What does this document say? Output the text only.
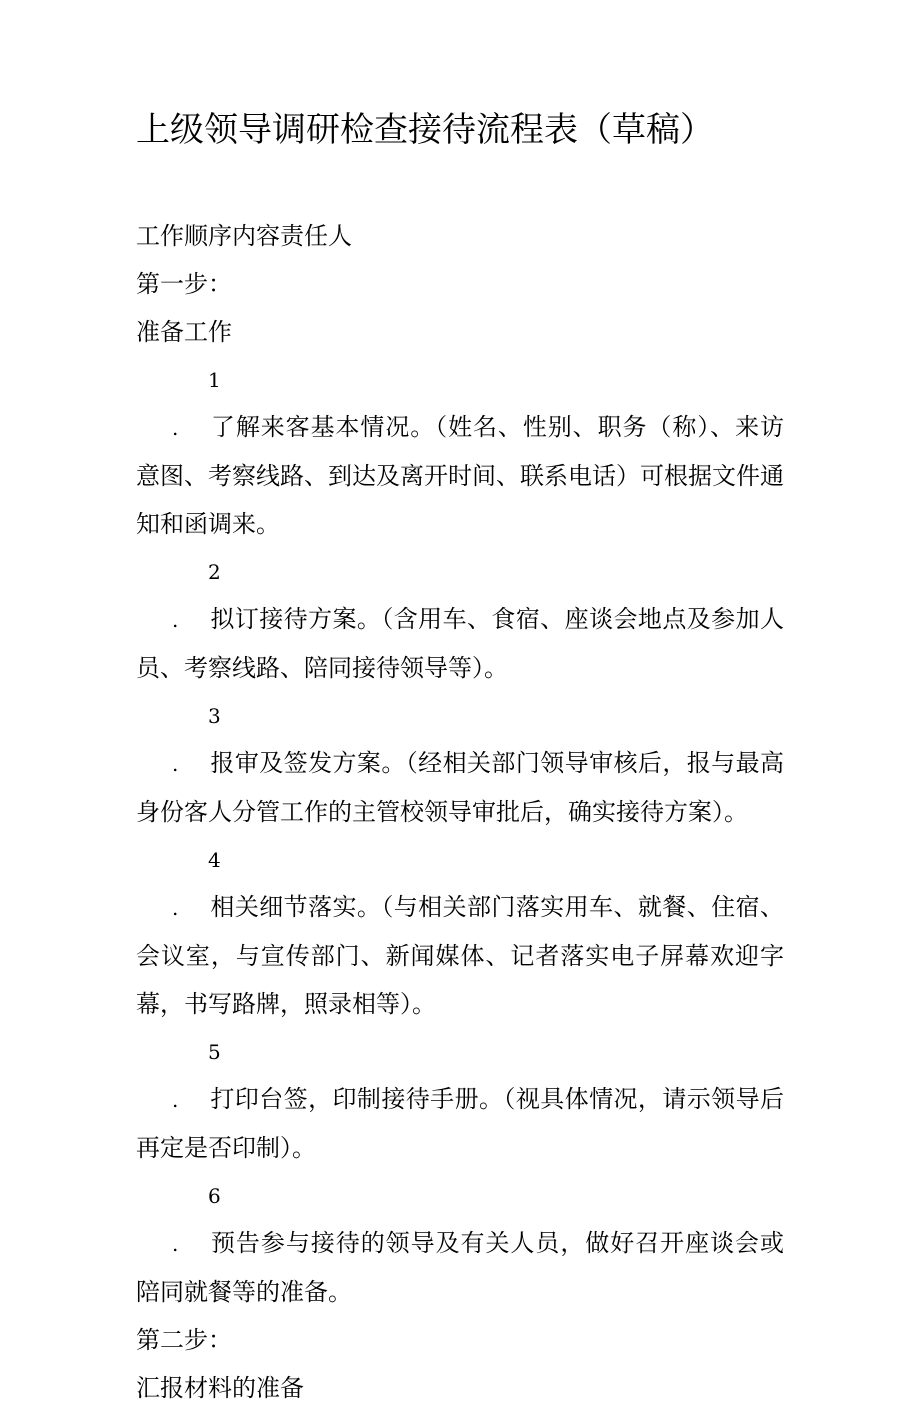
上级领导调研检查接待流程表（草稿）
工作顺序内容责任人
第一步：
准备工作
1. 了解来客基本情况。（姓名、性别、职务（称）、来访意图、考察线路、到达及离开时间、联系电话）可根据文件通知和函调来。
2. 拟订接待方案。（含用车、食宿、座谈会地点及参加人员、考察线路、陪同接待领导等）。
3. 报审及签发方案。（经相关部门领导审核后，报与最高身份客人分管工作的主管校领导审批后，确实接待方案）。
4. 相关细节落实。（与相关部门落实用车、就餐、住宿、会议室，与宣传部门、新闻媒体、记者落实电子屏幕欢迎字幕，书写路牌，照录相等）。
5. 打印台签，印制接待手册。（视具体情况，请示领导后再定是否印制）。
6. 预告参与接待的领导及有关人员，做好召开座谈会或陪同就餐等的准备。
第二步：
汇报材料的准备
